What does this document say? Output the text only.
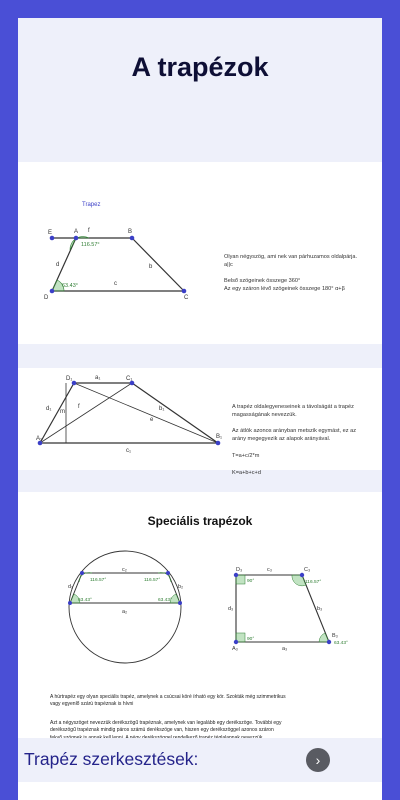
A trapézok
Trapez
E	A	B
C
D
f
b
c
d
116.57°
63.43°
Olyan négyszög, ami nek van párhuzamos oldalpárja.
a||c
Belső szögeinek összege 360°
Az egy száron lévő szögeinek összege 180° α+β
D₁	C₁
B₁
A₁
a₁
b₁
c₁
d₁
e
f
m
A trapéz oldalegyeneseinek a távolságát a trapéz
magasságának nevezzük.
Az átlók azonos arányban metszik egymást, ez az
arány megegyezik az alapok arányával.
T=a+c/2*m
K=a+b+c+d
Speciális trapézok
c₂
a₂
d₂	b₂
116.57°	116.57°
63.43°	63.43°
D₃	C₃
B₃
A₃
c₃
b₃
a₃
d₃
90°
90°
116.57°
63.43°
A húrtrapéz egy olyan speciális trapéz, amelynek a csúcsai köré írható egy kör. Szokták még szimmetrikus vagy egyenlő szárú trapéznak is hívni
Azt a négyszöget nevezzük derékszögű trapéznak, amelynek van legalább egy derékszöge. További egy derékszögű trapéznak mindig páros számú derékszöge van, hiszen egy derékszöggel azonos száron
Trapéz szerkesztések:	›
